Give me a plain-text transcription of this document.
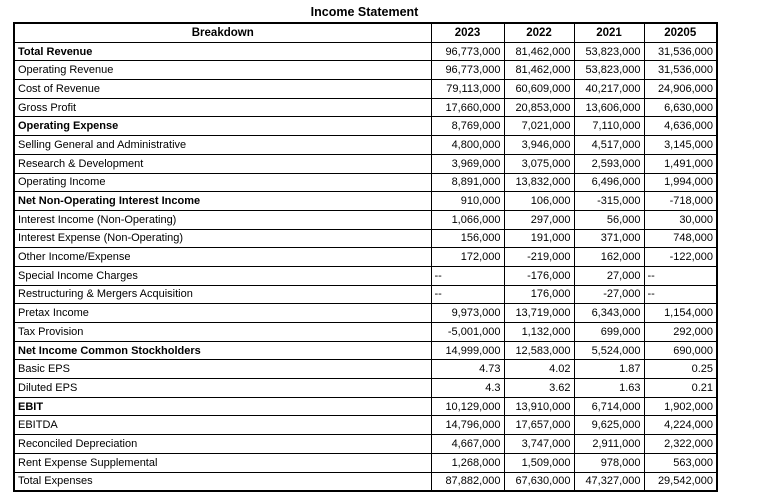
Income Statement
Breakdown	2023	2022	2021	20205
Total Revenue	96,773,000	81,462,000	53,823,000	31,536,000
Operating Revenue	96,773,000	81,462,000	53,823,000	31,536,000
Cost of Revenue	79,113,000	60,609,000	40,217,000	24,906,000
Gross Profit	17,660,000	20,853,000	13,606,000	6,630,000
Operating Expense	8,769,000	7,021,000	7,110,000	4,636,000
Selling General and Administrative	4,800,000	3,946,000	4,517,000	3,145,000
Research & Development	3,969,000	3,075,000	2,593,000	1,491,000
Operating Income	8,891,000	13,832,000	6,496,000	1,994,000
Net Non-Operating Interest Income	910,000	106,000	-315,000	-718,000
Interest Income (Non-Operating)	1,066,000	297,000	56,000	30,000
Interest Expense (Non-Operating)	156,000	191,000	371,000	748,000
Other Income/Expense	172,000	-219,000	162,000	-122,000
Special Income Charges	--	-176,000	27,000	--
Restructuring & Mergers Acquisition	--	176,000	-27,000	--
Pretax Income	9,973,000	13,719,000	6,343,000	1,154,000
Tax Provision	-5,001,000	1,132,000	699,000	292,000
Net Income Common Stockholders	14,999,000	12,583,000	5,524,000	690,000
Basic EPS	4.73	4.02	1.87	0.25
Diluted EPS	4.3	3.62	1.63	0.21
EBIT	10,129,000	13,910,000	6,714,000	1,902,000
EBITDA	14,796,000	17,657,000	9,625,000	4,224,000
Reconciled Depreciation	4,667,000	3,747,000	2,911,000	2,322,000
Rent Expense Supplemental	1,268,000	1,509,000	978,000	563,000
Total Expenses	87,882,000	67,630,000	47,327,000	29,542,000
